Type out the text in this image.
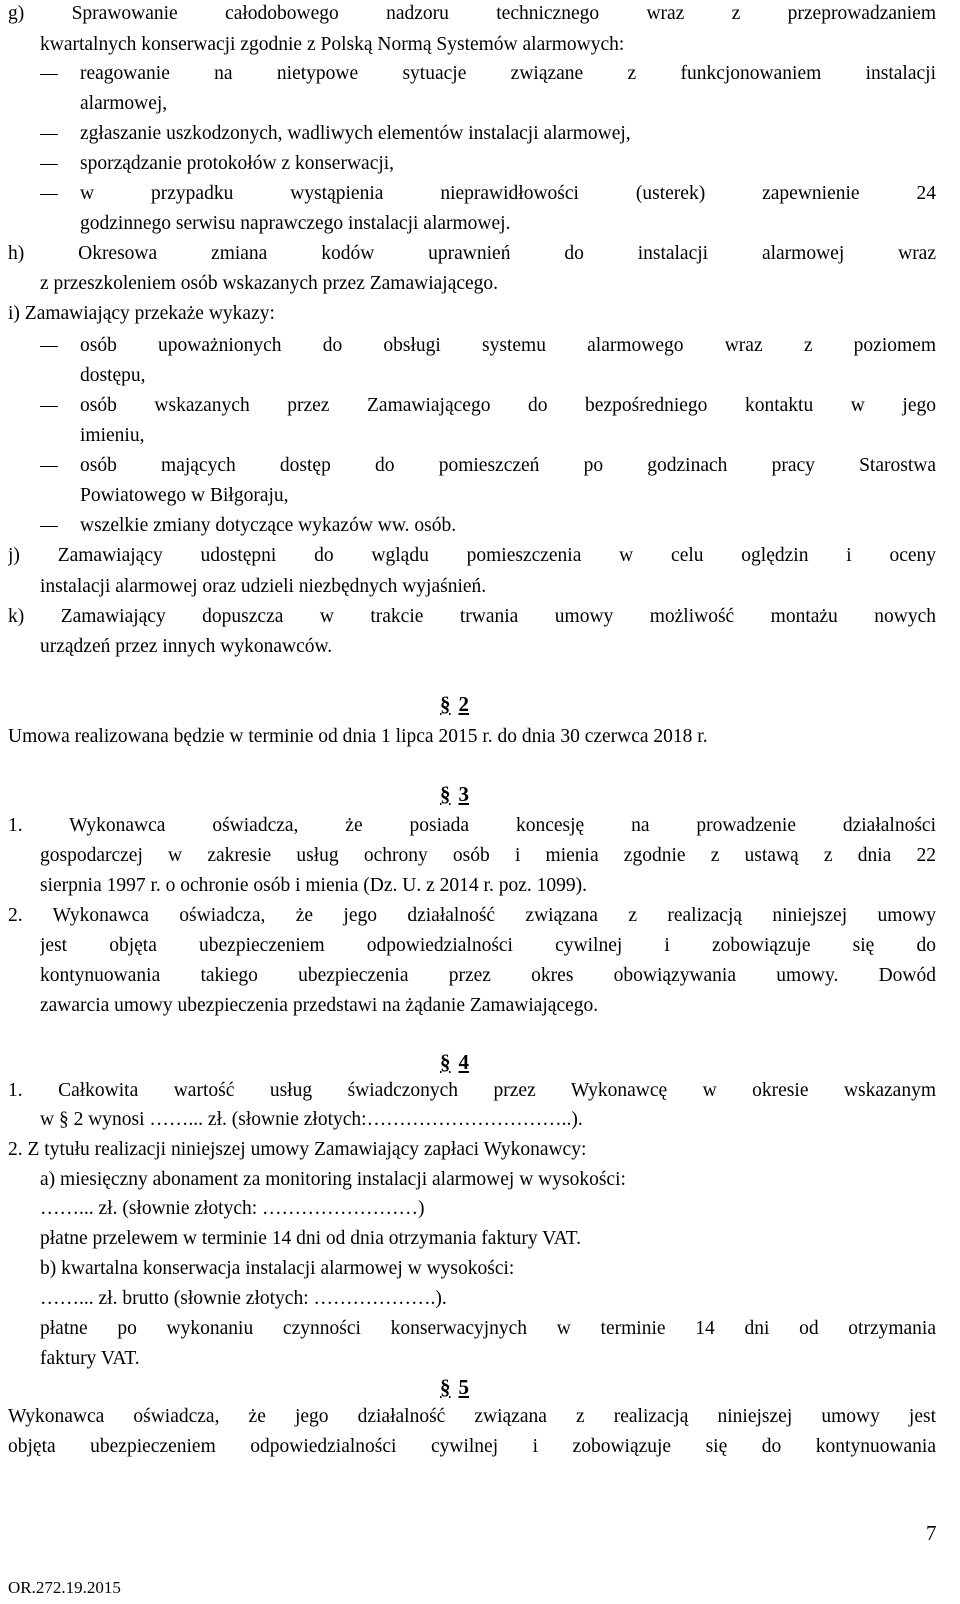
g) Sprawowanie całodobowego nadzoru technicznego wraz z przeprowadzaniem
kwartalnych konserwacji zgodnie z Polską Normą Systemów alarmowych:
reagowanie na nietypowe sytuacje związane z funkcjonowaniem instalacji
alarmowej,
zgłaszanie uszkodzonych, wadliwych elementów instalacji alarmowej,
sporządzanie protokołów z konserwacji,
w przypadku wystąpienia nieprawidłowości (usterek) zapewnienie 24
godzinnego serwisu naprawczego instalacji alarmowej.
h) Okresowa zmiana kodów uprawnień do instalacji alarmowej wraz
z przeszkoleniem osób wskazanych przez Zamawiającego.
i) Zamawiający przekaże wykazy:
osób upoważnionych do obsługi systemu alarmowego wraz z poziomem
dostępu,
osób wskazanych przez Zamawiającego do bezpośredniego kontaktu w jego
imieniu,
osób mających dostęp do pomieszczeń po godzinach pracy Starostwa
Powiatowego w Biłgoraju,
wszelkie zmiany dotyczące wykazów ww. osób.
j) Zamawiający udostępni do wglądu pomieszczenia w celu oględzin i oceny
instalacji alarmowej oraz udzieli niezbędnych wyjaśnień.
k) Zamawiający dopuszcza w trakcie trwania umowy możliwość montażu nowych
urządzeń przez innych wykonawców.
§ 2
Umowa realizowana będzie w terminie od dnia 1 lipca 2015 r. do dnia 30 czerwca 2018 r.
§ 3
1. Wykonawca oświadcza, że posiada koncesję na prowadzenie działalności
gospodarczej w zakresie usług ochrony osób i mienia zgodnie z ustawą z dnia 22
sierpnia 1997 r. o ochronie osób i mienia (Dz. U. z 2014 r. poz. 1099).
2. Wykonawca oświadcza, że jego działalność związana z realizacją niniejszej umowy
jest objęta ubezpieczeniem odpowiedzialności cywilnej i zobowiązuje się do
kontynuowania takiego ubezpieczenia przez okres obowiązywania umowy. Dowód
zawarcia umowy ubezpieczenia przedstawi na żądanie Zamawiającego.
§ 4
1. Całkowita wartość usług świadczonych przez Wykonawcę w okresie wskazanym
w § 2 wynosi ……... zł. (słownie złotych:…………………………..).
2. Z tytułu realizacji niniejszej umowy Zamawiający zapłaci Wykonawcy:
a) miesięczny abonament za monitoring instalacji alarmowej w wysokości:
……... zł. (słownie złotych: ……………………)
płatne przelewem w terminie 14 dni od dnia otrzymania faktury VAT.
b) kwartalna konserwacja instalacji alarmowej w wysokości:
……... zł. brutto (słownie złotych: ……………….).
płatne po wykonaniu czynności konserwacyjnych w terminie 14 dni od otrzymania
faktury VAT.
§ 5
Wykonawca oświadcza, że jego działalność związana z realizacją niniejszej umowy jest
objęta ubezpieczeniem odpowiedzialności cywilnej i zobowiązuje się do kontynuowania
7
OR.272.19.2015
